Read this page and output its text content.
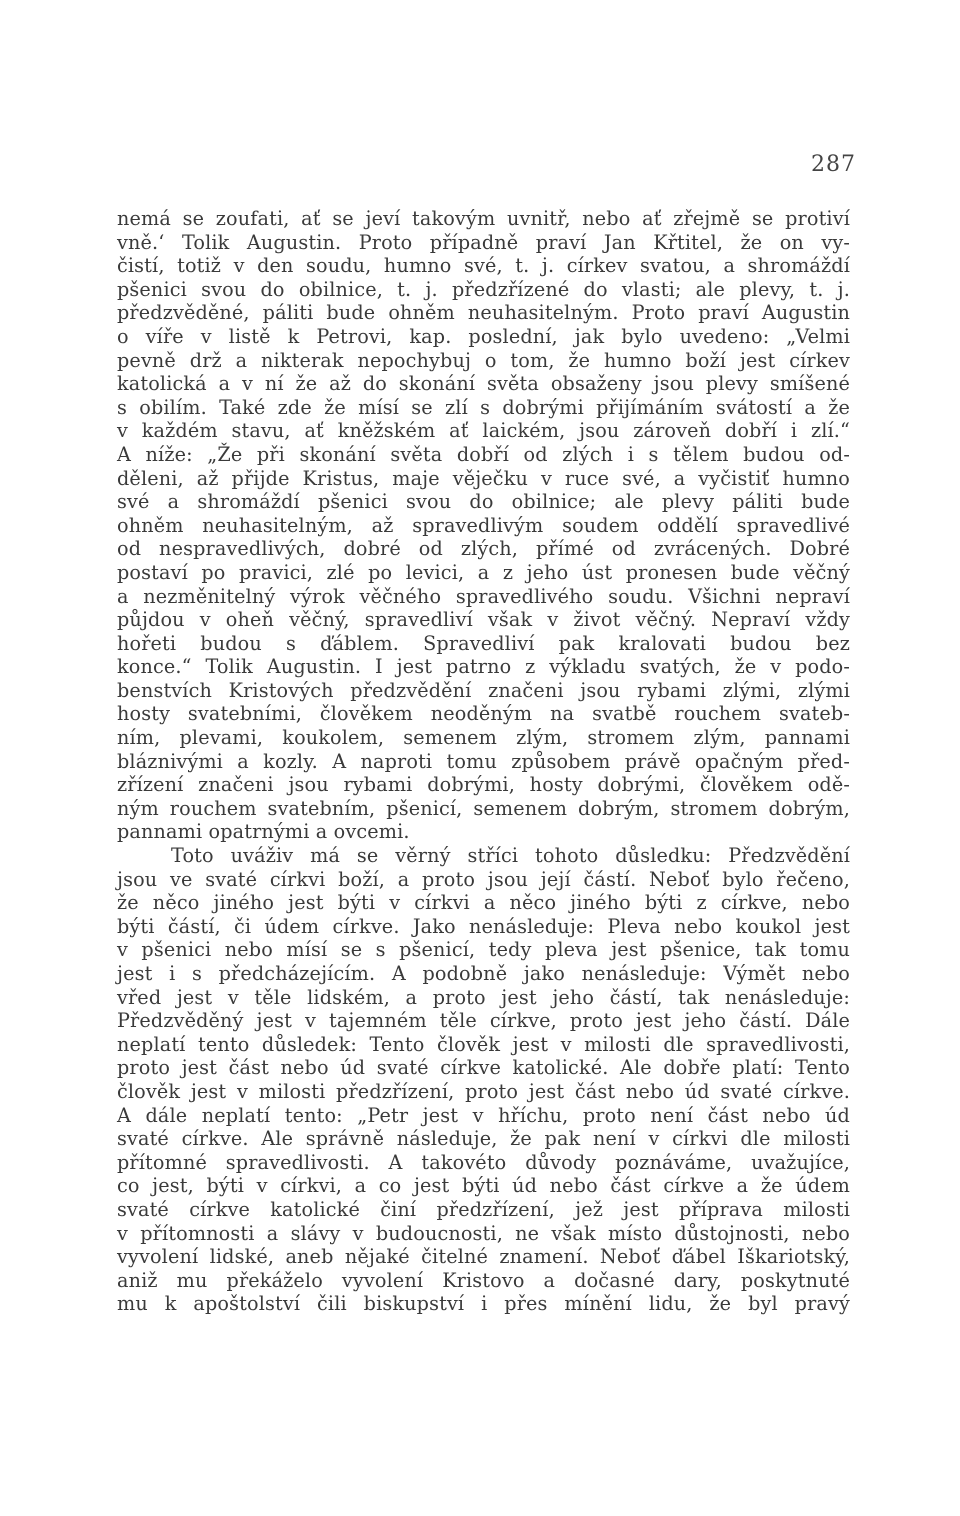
287
nemá se zoufati, ať se jeví takovým uvnitř, nebo ať zřejmě se protiví
vně.‘ Tolik Augustin. Proto případně praví Jan Křtitel, že on vy-
čistí, totiž v den soudu, humno své, t. j. církev svatou, a shromáždí
pšenici svou do obilnice, t. j. předzřízené do vlasti; ale plevy, t. j.
předzvěděné, páliti bude ohněm neuhasitelným. Proto praví Augustin
o víře v listě k Petrovi, kap. poslední, jak bylo uvedeno: „Velmi
pevně drž a nikterak nepochybuj o tom, že humno boží jest církev
katolická a v ní že až do skonání světa obsaženy jsou plevy smíšené
s obilím. Také zde že mísí se zlí s dobrými přijímáním svátostí a že
v každém stavu, ať kněžském ať laickém, jsou zároveň dobří i zlí.“
A níže: „Že při skonání světa dobří od zlých i s tělem budou od-
děleni, až přijde Kristus, maje věječku v ruce své, a vyčistiť humno
své a shromáždí pšenici svou do obilnice; ale plevy páliti bude
ohněm neuhasitelným, až spravedlivým soudem oddělí spravedlivé
od nespravedlivých, dobré od zlých, přímé od zvrácených. Dobré
postaví po pravici, zlé po levici, a z jeho úst pronesen bude věčný
a nezměnitelný výrok věčného spravedlivého soudu. Všichni nepraví
půjdou v oheň věčný, spravedliví však v život věčný. Nepraví vždy
hořeti budou s ďáblem. Spravedliví pak kralovati budou bez
konce.“ Tolik Augustin. I jest patrno z výkladu svatých, že v podo-
benstvích Kristových předzvědění značeni jsou rybami zlými, zlými
hosty svatebními, člověkem neoděným na svatbě rouchem svateb-
ním, plevami, koukolem, semenem zlým, stromem zlým, pannami
bláznivými a kozly. A naproti tomu způsobem právě opačným před-
zřízení značeni jsou rybami dobrými, hosty dobrými, člověkem odě-
ným rouchem svatebním, pšenicí, semenem dobrým, stromem dobrým,
pannami opatrnými a ovcemi.
Toto uváživ má se věrný stříci tohoto důsledku: Předzvědění
jsou ve svaté církvi boží, a proto jsou její částí. Neboť bylo řečeno,
že něco jiného jest býti v církvi a něco jiného býti z církve, nebo
býti částí, či údem církve. Jako nenásleduje: Pleva nebo koukol jest
v pšenici nebo mísí se s pšenicí, tedy pleva jest pšenice, tak tomu
jest i s předcházejícím. A podobně jako nenásleduje: Výmět nebo
vřed jest v těle lidském, a proto jest jeho částí, tak nenásleduje:
Předzvěděný jest v tajemném těle církve, proto jest jeho částí. Dále
neplatí tento důsledek: Tento člověk jest v milosti dle spravedlivosti,
proto jest část nebo úd svaté církve katolické. Ale dobře platí: Tento
člověk jest v milosti předzřízení, proto jest část nebo úd svaté církve.
A dále neplatí tento: „Petr jest v hříchu, proto není část nebo úd
svaté církve. Ale správně následuje, že pak není v církvi dle milosti
přítomné spravedlivosti. A takovéto důvody poznáváme, uvažujíce,
co jest, býti v církvi, a co jest býti úd nebo část církve a že údem
svaté církve katolické činí předzřízení, jež jest příprava milosti
v přítomnosti a slávy v budoucnosti, ne však místo důstojnosti, nebo
vyvolení lidské, aneb nějaké čitelné znamení. Neboť ďábel Iškariotský,
aniž mu překáželo vyvolení Kristovo a dočasné dary, poskytnuté
mu k apoštolství čili biskupství i přes mínění lidu, že byl pravý
